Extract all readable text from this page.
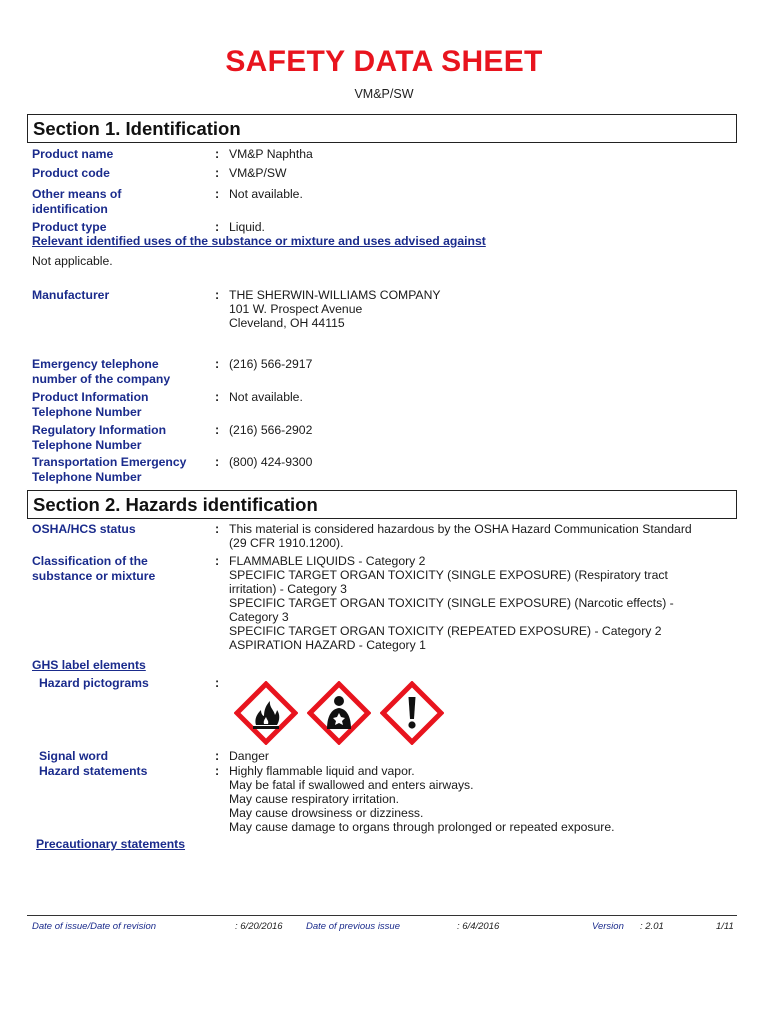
SAFETY DATA SHEET
VM&P/SW
Section 1. Identification
Product name	: VM&P Naphtha
Product code	: VM&P/SW
Other means of
identification
: Not available.
Product type	: Liquid.
Relevant identified uses of the substance or mixture and uses advised against
Not applicable.
Manufacturer	: THE SHERWIN-WILLIAMS COMPANY
101 W. Prospect Avenue
Cleveland, OH 44115
Emergency telephone
number of the company
: (216) 566-2917
Product Information
Telephone Number
: Not available.
Regulatory Information
Telephone Number
: (216) 566-2902
Transportation Emergency
Telephone Number
: (800) 424-9300
Section 2. Hazards identification
OSHA/HCS status	: This material is considered hazardous by the OSHA Hazard Communication Standard
(29 CFR 1910.1200).
Classification of the
substance or mixture
: FLAMMABLE LIQUIDS - Category 2
SPECIFIC TARGET ORGAN TOXICITY (SINGLE EXPOSURE) (Respiratory tract
irritation) - Category 3
SPECIFIC TARGET ORGAN TOXICITY (SINGLE EXPOSURE) (Narcotic effects) -
Category 3
SPECIFIC TARGET ORGAN TOXICITY (REPEATED EXPOSURE) - Category 2
ASPIRATION HAZARD - Category 1
GHS label elements
Hazard pictograms	:
Signal word	: Danger
Hazard statements	: Highly flammable liquid and vapor.
May be fatal if swallowed and enters airways.
May cause respiratory irritation.
May cause drowsiness or dizziness.
May cause damage to organs through prolonged or repeated exposure.
Precautionary statements
Date of issue/Date of revision	: 6/20/2016 Date of previous issue	: 6/4/2016	Version : 2.01	1/11
